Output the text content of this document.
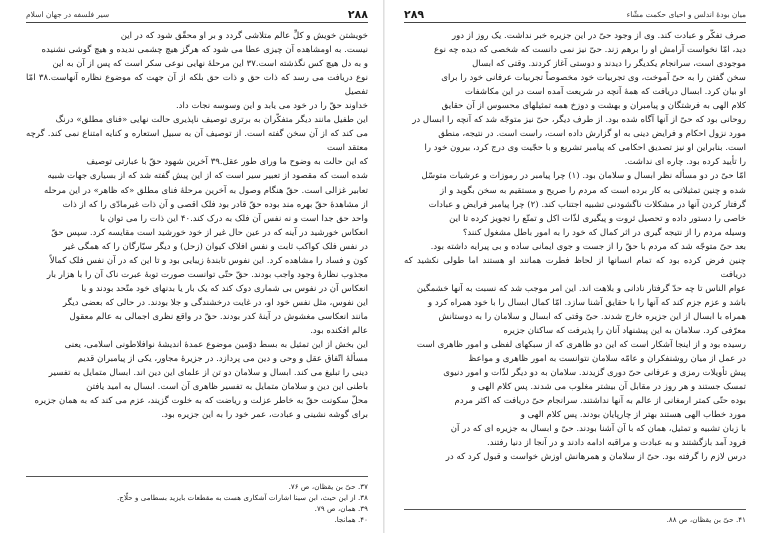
۲۸۸
سیر فلسفه در جهان اسلام

خویشتن خویش و کلِّ عالم متلاشی گردد و بر او محقّق شود که در این

نیست. به اومشاهده آن چیزی عطا می شود که هرگز هیچ چشمی ندیده و هیچ گوشی نشنیده

و به دل هیچ کس نگذشته است.‌۳۷ این مرحلهٔ نهایی نوعی سکر است که پس از آن به این

نوع دریافت می رسد که ذات حق و ذات حق بلکه از آن جهت که موضوع نظاره آنهاست.‌۳۸ امّا تفصیل

خداوند حقّ را در خود می یابد و این وسوسه نجات داد.

این طفیل مانند دیگر متفکّران به برتری توصیف ناپذیری حالت نهایی «فنای مطلق» درنگ

می کند که از آن سخن گفته است. از توصیف آن به سبیل استعاره و کنایه امتناع نمی کند. گرچه معتقد است

که این حالت به وضوح ما ورای طور عقل.‌۳۹ آخرین شهود حقّ با عبارتی توصیف

شده است که مقصود از تعبیر سیر است که از این پیش گفته شد که از بسیاری جهات شبیه

تعابیر غزالی است. حقّ هنگام وصول به آخرین مرحلهٔ فنای مطلق «که ظاهر» در این مرحله

از مشاهدهٔ حقّ بهره مند بوده حقّ قادر بود فلک اقصی و آن ذات غیرمادّی را که از ذات

واحد حق جدا است و نه نفس آن فلک به درک کند.‌۴۰ این ذات را می توان با

انعکاس خورشید در آینه که در عین حال غیر از خود خورشید است مقایسه کرد. سپس حقّ

در نفس فلک کواکب ثابت و نفس افلاک کیوان (زحل) و دیگر سیّارگان را که همگی غیر

کون و فساد را مشاهده کرد. این نفوس تابندهٔ زیبایی بود و تا این که در آن نفس فلک کمالاً

مجذوب نظارهٔ وجود واجب بودند. حقّ حتّی توانست صورت توبهٔ عبرت ناک آن را با هزار بار

انعکاس آن در نفوس بی شماری دوک کند که یک بار یا بدنهای خود متّحد بودند و با

این نفوس، مثل نفس خود او، در غایت درخشندگی و جلا بودند. در حالی که بعضی دیگر

مانند انعکاسی مغشوش در آینهٔ کدر بودند. حقّ در واقع نظری اجمالی به عالم معقول

عالم افکنده بود.

این بخش از این تمثیل به بسط دوّمین موضوع عمدهٔ اندیشهٔ نوافلاطونی اسلامی، یعنی

مسألهٔ اتّفاق عقل و وحی و دین می پردازد. در جزیرهٔ مجاور، یکی از پیامبران قدیم

دینی را تبلیغ می کند. ابسال و سلامان دو تن از علمای این دین اند. ابسال متمایل به تفسیر

باطنی این دین و سلامان متمایل به تفسیر ظاهری آن است. ابسال به امید یافتن

محلّ سکونت حقّ به خاطر عزلت و ریاضت که به خلوت گزیند، عزم می کند که به همان جزیره

برای گوشه نشینی و عبادت، عمر خود را به این جزیره بود.

۳۷. حیّ بن یقظان، ص ۷۶.
۳۸. از این حیث، ابن سینا اشارات آشکاری هست به مقطعات بایزید بسطامی و حلّاج.
۳۹. همان، ص ۷۹.
۴۰. همانجا.
میان بودهٔ اندلس و احیای حکمت مشّاء
۲۸۹

صرف تفکّر و عبادت کند. وی از وجود حیّ در این جزیره خبر نداشت. یک روز از دور

دید، امّا نخواست آرامش او را برهم زند. حیّ نیز نمی دانست که شخصی که دیده چه نوع

موجودی است، سرانجام یکدیگر را دیدند و دوستی آغاز کردند. وقتی که ابسال

سخن گفتن را به حیّ آموخت، وی تجربیات خود مخصوصاً تجربیات عرفانی خود را برای

او بیان کرد. ابسال دریافت که همهٔ آنچه در شریعت آمده است در این مکاشفات

کلام الهی به فرشتگان و پیامبران و بهشت و دوزخ همه تمثیلهای محسوس از آن حقایق

روحانی بود که حیّ از آنها آگاه شده بود. از طرف دیگر، حیّ نیز متوجّه شد که آنچه را ابسال در

مورد نزول احکام و فرایض دینی به او گزارش داده است، راست است. در نتیجه، منطق

است. بنابراین او نیز تصدیق احکامی که پیامبر تشریع و با حجّیت وی درج کرد، بیرون خود را

را تأیید کرده بود. چاره ای نداشت.

امّا حیّ در دو مسأله نظر ابسال و سلامان بود. (۱) چرا پیامبر در رموزات و عرشیات متوسّل

شده و چنین تمثیلاتی به کار برده است که مردم را صریح و مستقیم به سخن بگوید و از

گرفتار کردن آنها در مشکلات ناگشودنی تشبیه اجتناب کند. (۲) چرا پیامبر فرایض و عبادات

خاصی را دستور داده و تحصیل ثروت و پیگیری لذّات اکل و تمتّع را تجویز کرده تا این

وسیله مردم را از نتیجه گیری در اثر کمال که خود را به امور باطل مشغول کنند؟

بعد حیّ متوجّه شد که مردم با حقّ را از جست و جوی ایمانی ساده و بی پیرایه داشته بود.

چنین فرض کرده بود که تمام انسانها از لحاظ فطرت همانند او هستند اما طولی نکشید که دریافت

عوام الناس تا چه حدّ گرفتار نادانی و بلاهت اند. این امر موجب شد که نسبت به آنها خشمگین

باشد و عزم جزم کند که آنها را با حقایق آشنا سازد. امّا کمال ابسال را با خود همراه کرد و

همراه با ابسال از این جزیره خارج شدند. حیّ وقتی که ابسال و سلامان را به دوستانش

معرّفی کرد. سلامان به این پیشنهاد آنان را پذیرفت که ساکنان جزیره

رسیده بود و از اینجا آشکار است که این دو ظاهری که از سبکهای لفظی و امور ظاهری است

در عمل از میان روشنفکران و عامّه سلامان نتوانست به امور ظاهری و مواعظ

پیش تأویلات رمزی و عرفانی حیّ دوری گزیدند. سلامان به دو دیگر لذّات و امور دنیوی

تمسک جستند و هر روز در مقابل آن بیشتر مغلوب می شدند. پس کلام الهی و

بوده حتّی کمتر ارمغانی از عالم به آنها نداشتند. سرانجام حیّ دریافت که اکثر مردم

مورد خطاب الهی هستند بهتر از چارپایان بودند. پس کلام الهی و

با زبان تشبیه و تمثیل، همان که با آن آشنا بودند. حیّ و ابسال به جزیره ای که در آن

فرود آمد بازگشتند و به عبادت و مراقبه ادامه دادند و در آنجا از دنیا رفتند.

درس لازم را گرفته بود. حیّ از سلامان و همرهانش اوزش خواست و قبول کرد که در

۴۱. حیّ بن یقظان، ص ۸۸.
